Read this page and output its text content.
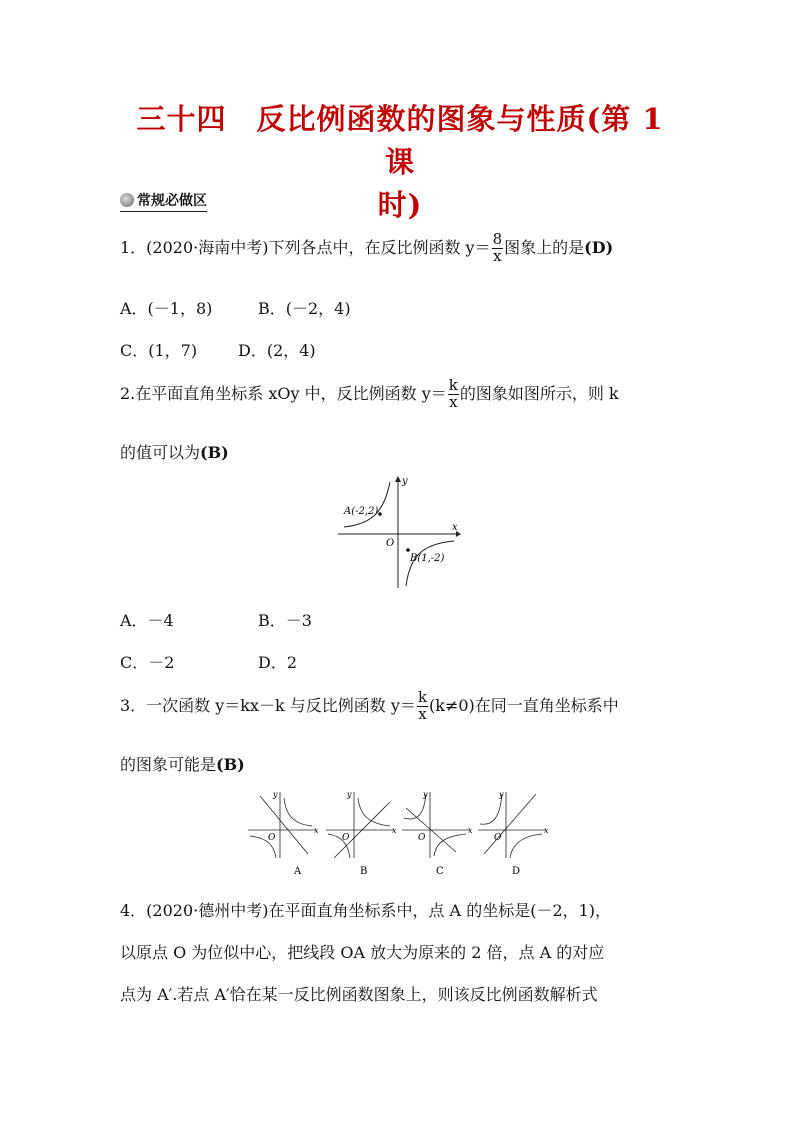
三十四　反比例函数的图象与性质(第 1 课
时)
常规必做区
1．(2020·海南中考)下列各点中，在反比例函数 $y= \frac{8}{x}$ 图象上的是(D)
A．(－1，8)	B．(－2，4)
C．(1，7)	D．(2，4)
2.在平面直角坐标系 xOy 中，反比例函数 $y= \frac{k}{x}$ 的图象如图所示，则 k
的值可以为(B)
A(-2,2)
B(1,-2)
O
x
y
A．－4	B．－3
C．－2	D．2
3．一次函数 y＝kx－k 与反比例函数 $y= \frac{k}{x} (k\ne 0)$在同一直角坐标系中
的图象可能是(B)
O
x
y
A
O
x
y
B
O
x
y
C
O
x
y
D
4．(2020·德州中考)在平面直角坐标系中，点 A 的坐标是(－2，1)，
以原点 O 为位似中心，把线段 OA 放大为原来的 2 倍，点 A 的对应
点为 A′.若点 A′恰在某一反比例函数图象上，则该反比例函数解析式
